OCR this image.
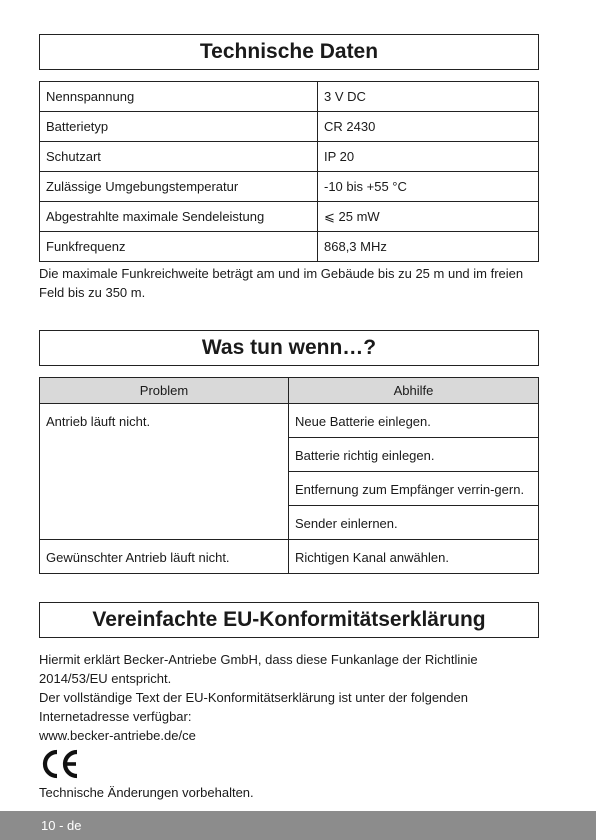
Technische Daten
Nennspannung	3 V DC
Batterietyp	CR 2430
Schutzart	IP 20
Zulässige Umgebungstemperatur	-10 bis +55 °C
Abgestrahlte maximale Sendeleistung	⩽ 25 mW
Funkfrequenz	868,3 MHz

Die maximale Funkreichweite beträgt am und im Gebäude bis zu 25 m und im freien Feld bis zu 350 m.

Was tun wenn…?
Problem	Abhilfe
Antrieb läuft nicht.	Neue Batterie einlegen.
	Batterie richtig einlegen.
	Entfernung zum Empfänger verrin-gern.
	Sender einlernen.
Gewünschter Antrieb läuft nicht.	Richtigen Kanal anwählen.
Vereinfachte EU-Konformitätserklärung

Hiermit erklärt Becker-Antriebe GmbH, dass diese Funkanlage der Richtlinie 2014/53/EU entspricht.

Der vollständige Text der EU-Konformitätserklärung ist unter der folgenden Internetadresse verfügbar:

www.becker-antriebe.de/ce

Technische Änderungen vorbehalten.

10 - de
